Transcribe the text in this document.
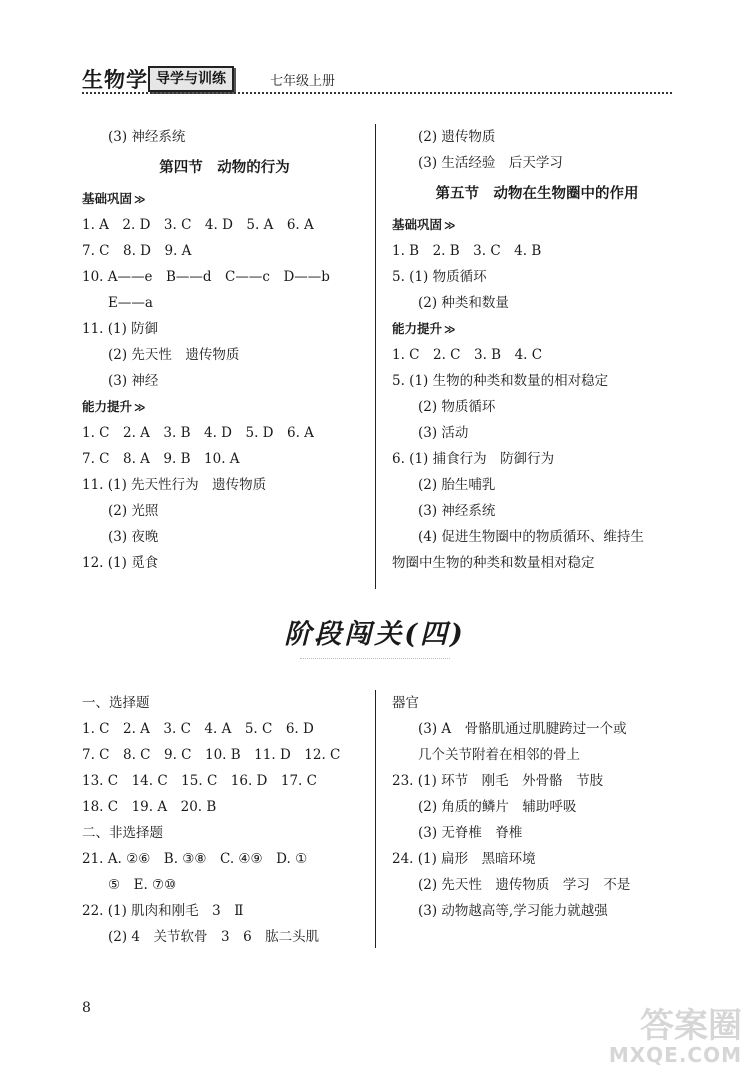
生物学 导学与训练	七年级上册
(3) 神经系统
第四节　动物的行为
基础巩固 ≫
1. A　2. D　3. C　4. D　5. A　6. A
7. C　8. D　9. A
10. A——e　B——d　C——c　D——b
E——a
11. (1) 防御
(2) 先天性　遗传物质
(3) 神经
能力提升 ≫
1. C　2. A　3. B　4. D　5. D　6. A
7. C　8. A　9. B　10. A
11. (1) 先天性行为　遗传物质
(2) 光照
(3) 夜晚
12. (1) 觅食
(2) 遗传物质
(3) 生活经验　后天学习
第五节　动物在生物圈中的作用
基础巩固 ≫
1. B　2. B　3. C　4. B
5. (1) 物质循环
(2) 种类和数量
能力提升 ≫
1. C　2. C　3. B　4. C
5. (1) 生物的种类和数量的相对稳定
(2) 物质循环
(3) 活动
6. (1) 捕食行为　防御行为
(2) 胎生哺乳
(3) 神经系统
(4) 促进生物圈中的物质循环、维持生
物圈中生物的种类和数量相对稳定
阶段闯关(四)
一、选择题
1. C　2. A　3. C　4. A　5. C　6. D
7. C　8. C　9. C　10. B　11. D　12. C
13. C　14. C　15. C　16. D　17. C
18. C　19. A　20. B
二、非选择题
21. A. ②⑥　B. ③⑧　C. ④⑨　D. ①
⑤　E. ⑦⑩
22. (1) 肌肉和刚毛　3　Ⅱ
(2) 4　关节软骨　3　6　肱二头肌
器官
(3) A　骨骼肌通过肌腱跨过一个或
几个关节附着在相邻的骨上
23. (1) 环节　刚毛　外骨骼　节肢
(2) 角质的鳞片　辅助呼吸
(3) 无脊椎　脊椎
24. (1) 扁形　黑暗环境
(2) 先天性　遗传物质　学习　不是
(3) 动物越高等,学习能力就越强
8	答案圈
MXQE.COM
